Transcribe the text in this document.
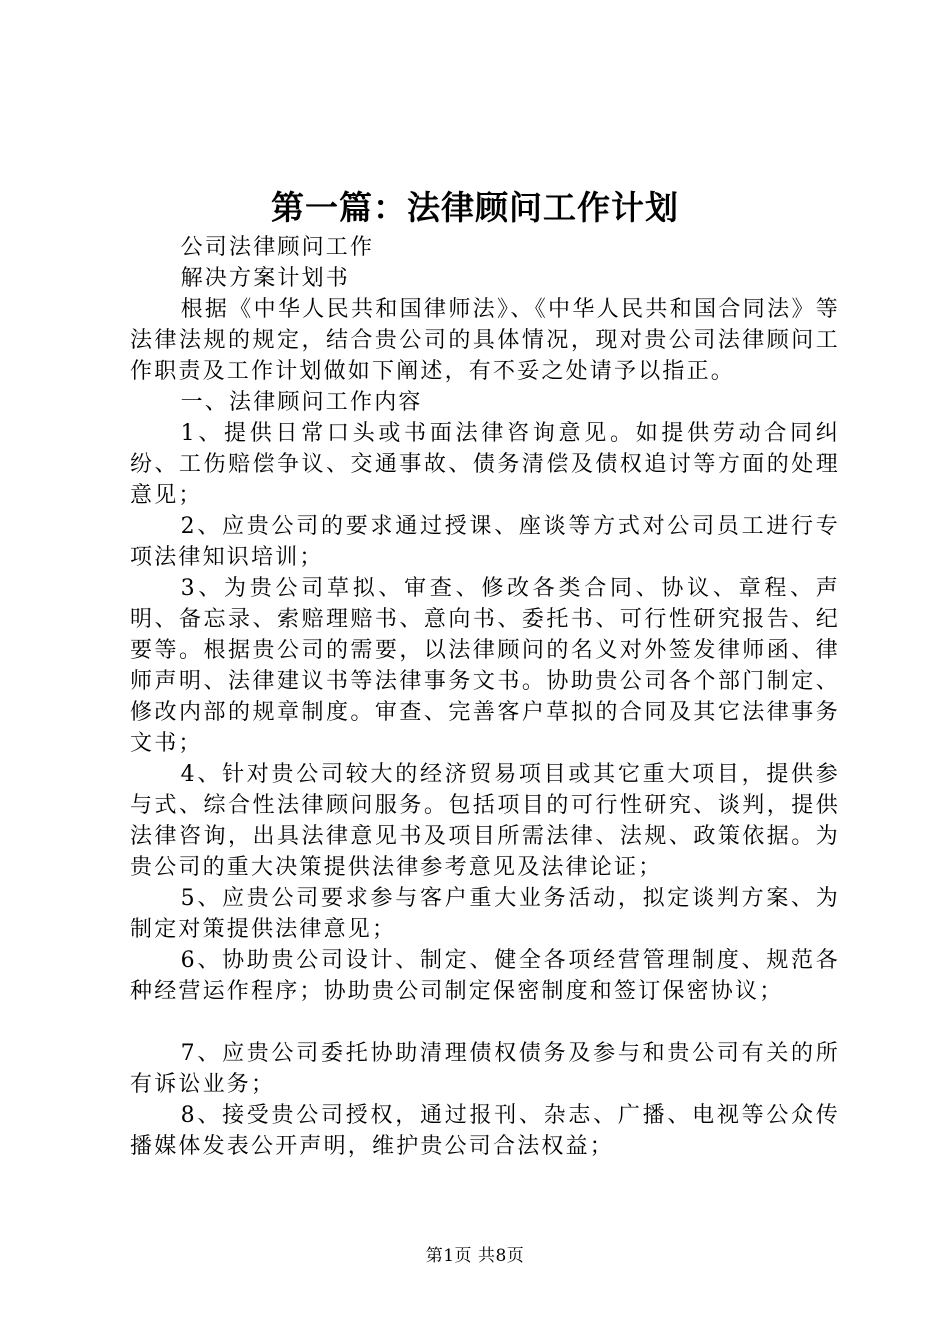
第一篇：法律顾问工作计划

公司法律顾问工作

解决方案计划书

根据《中华人民共和国律师法》、《中华人民共和国合同法》等法律法规的规定，结合贵公司的具体情况，现对贵公司法律顾问工作职责及工作计划做如下阐述，有不妥之处请予以指正。

一、法律顾问工作内容

1、提供日常口头或书面法律咨询意见。如提供劳动合同纠纷、工伤赔偿争议、交通事故、债务清偿及债权追讨等方面的处理意见；

2、应贵公司的要求通过授课、座谈等方式对公司员工进行专项法律知识培训；

3、为贵公司草拟、审查、修改各类合同、协议、章程、声明、备忘录、索赔理赔书、意向书、委托书、可行性研究报告、纪要等。根据贵公司的需要，以法律顾问的名义对外签发律师函、律师声明、法律建议书等法律事务文书。协助贵公司各个部门制定、修改内部的规章制度。审查、完善客户草拟的合同及其它法律事务文书；

4、针对贵公司较大的经济贸易项目或其它重大项目，提供参与式、综合性法律顾问服务。包括项目的可行性研究、谈判，提供法律咨询，出具法律意见书及项目所需法律、法规、政策依据。为贵公司的重大决策提供法律参考意见及法律论证；

5、应贵公司要求参与客户重大业务活动，拟定谈判方案、为制定对策提供法律意见；

6、协助贵公司设计、制定、健全各项经营管理制度、规范各种经营运作程序；协助贵公司制定保密制度和签订保密协议；

7、应贵公司委托协助清理债权债务及参与和贵公司有关的所有诉讼业务；

8、接受贵公司授权，通过报刊、杂志、广播、电视等公众传播媒体发表公开声明，维护贵公司合法权益；

第1页 共8页
